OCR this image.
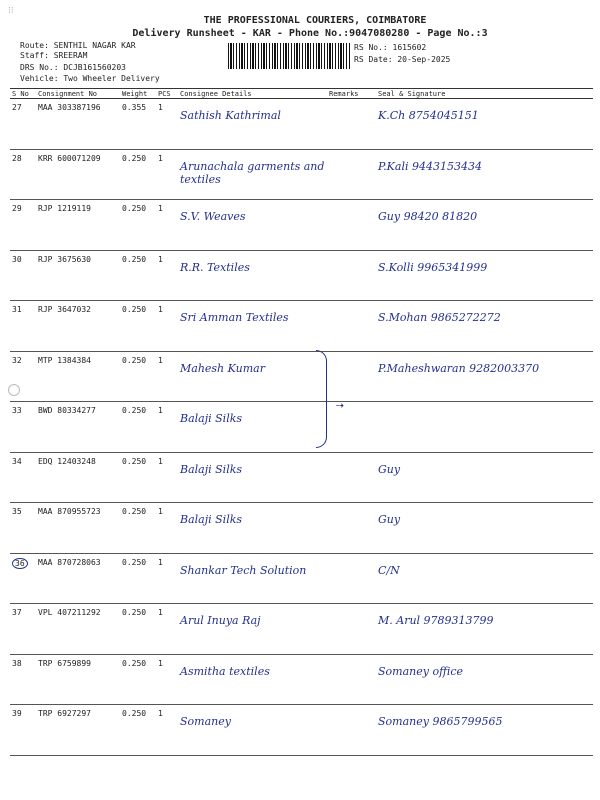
⁝⁝
THE PROFESSIONAL COURIERS, COIMBATORE
Delivery Runsheet - KAR - Phone No.:9047080280 - Page No.:3
Route: SENTHIL NAGAR KAR
Staff: SREERAM
DRS No.: DCJB161560203
Vehicle: Two Wheeler Delivery
RS No.: 1615602
RS Date: 20-Sep-2025
S No	Consignment No	Weight	PCS	Consignee Details	Remarks	Seal & Signature
27	MAA 303387196	0.355	1	Sathish Kathrimal		K.Ch 8754045151
28	KRR 600071209	0.250	1	Arunachala garments and textiles		P.Kali 9443153434
29	RJP 1219119	0.250	1	S.V. Weaves		Guy 98420 81820
30	RJP 3675630	0.250	1	R.R. Textiles		S.Kolli 9965341999
31	RJP 3647032	0.250	1	Sri Amman Textiles		S.Mohan 9865272272
32	MTP 1384384	0.250	1	Mahesh Kumar		P.Maheshwaran 9282003370
33	BWD 80334277	0.250	1	Balaji Silks		
34	EDQ 12403248	0.250	1	Balaji Silks		Guy
35	MAA 870955723	0.250	1	Balaji Silks		Guy
36	MAA 870728063	0.250	1	Shankar Tech Solution		C/N
37	VPL 407211292	0.250	1	Arul Inuya Raj		M. Arul 9789313799
38	TRP 6759899	0.250	1	Asmitha textiles		Somaney office
39	TRP 6927297	0.250	1	Somaney		Somaney 9865799565
⇢
